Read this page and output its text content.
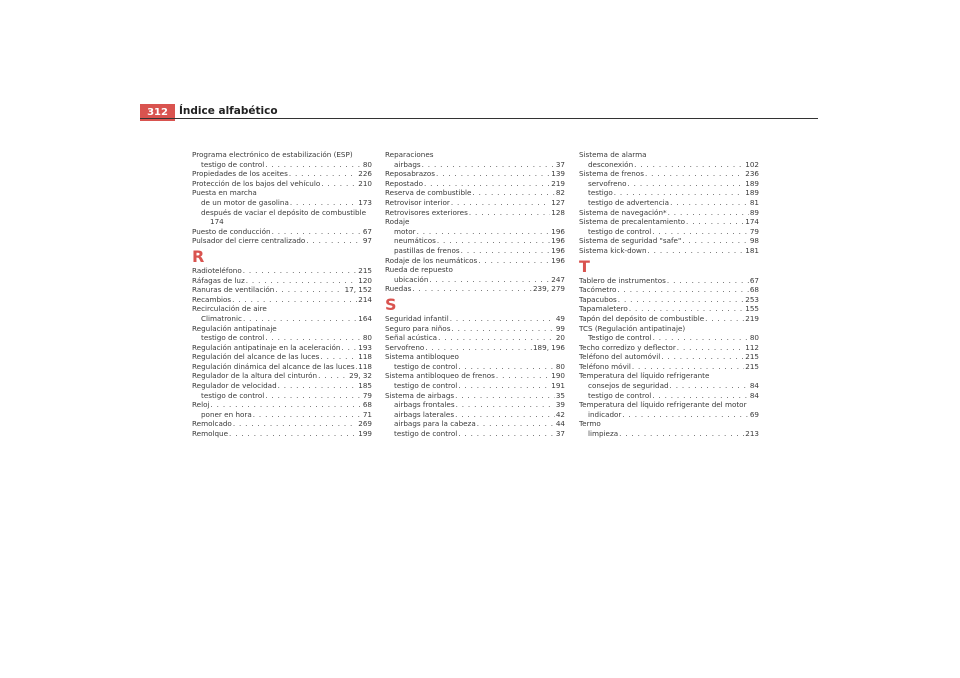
312	Índice alfabético
Programa electrónico de estabilización (ESP)
testigo de control . . .	80
Propiedades de los aceites . . .	226
Protección de los bajos del vehículo . . .	210
Puesta en marcha
de un motor de gasolina . . .	173
después de vaciar el depósito de combustible
174
Puesto de conducción . . .	67
Pulsador del cierre centralizado . . .	97
R
Radioteléfono . . .	215
Ráfagas de luz . . .	120
Ranuras de ventilación . . .	17, 152
Recambios . . .	214
Recirculación de aire
Climatronic . . .	164
Regulación antipatinaje
testigo de control . . .	80
Regulación antipatinaje en la aceleración . . . 193
Regulación del alcance de las luces . . .	118
Regulación dinámica del alcance de las luces . . . 118
Regulador de la altura del cinturón . . .	29, 32
Regulador de velocidad . . .	185
testigo de control . . .	79
Reloj . . .	68
poner en hora . . .	71
Remolcado . . .	269
Remolque . . .	199
Reparaciones
airbags . . .	37
Reposabrazos . . .	139
Repostado . . .	219
Reserva de combustible . . .	82
Retrovisor interior . . .	127
Retrovisores exteriores . . .	128
Rodaje
motor . . .	196
neumáticos . . .	196
pastillas de frenos . . .	196
Rodaje de los neumáticos . . .	196
Rueda de repuesto
ubicación . . .	247
Ruedas . . .	239, 279
S
Seguridad infantil . . .	49
Seguro para niños . . .	99
Señal acústica . . .	20
Servofreno . . .	189, 196
Sistema antibloqueo
testigo de control . . .	80
Sistema antibloqueo de frenos . . .	190
testigo de control . . .	191
Sistema de airbags . . .	35
airbags frontales . . .	39
airbags laterales . . .	42
airbags para la cabeza . . .	44
testigo de control . . .	37
Sistema de alarma
desconexión . . .	102
Sistema de frenos . . .	236
servofreno . . .	189
testigo . . .	189
testigo de advertencia . . .	81
Sistema de navegación* . . .	89
Sistema de precalentamiento . . .	174
testigo de control . . .	79
Sistema de seguridad "safe" . . .	98
Sistema kick-down . . .	181
T
Tablero de instrumentos . . .	67
Tacómetro . . .	68
Tapacubos . . .	253
Tapamaletero . . .	155
Tapón del depósito de combustible . . .	219
TCS (Regulación antipatinaje)
Testigo de control . . .	80
Techo corredizo y deflector . . .	112
Teléfono del automóvil . . .	215
Teléfono móvil . . .	215
Temperatura del líquido refrigerante
consejos de seguridad . . .	84
testigo de control . . .	84
Temperatura del líquido refrigerante del motor
indicador . . .	69
Termo
limpieza . . .	213
